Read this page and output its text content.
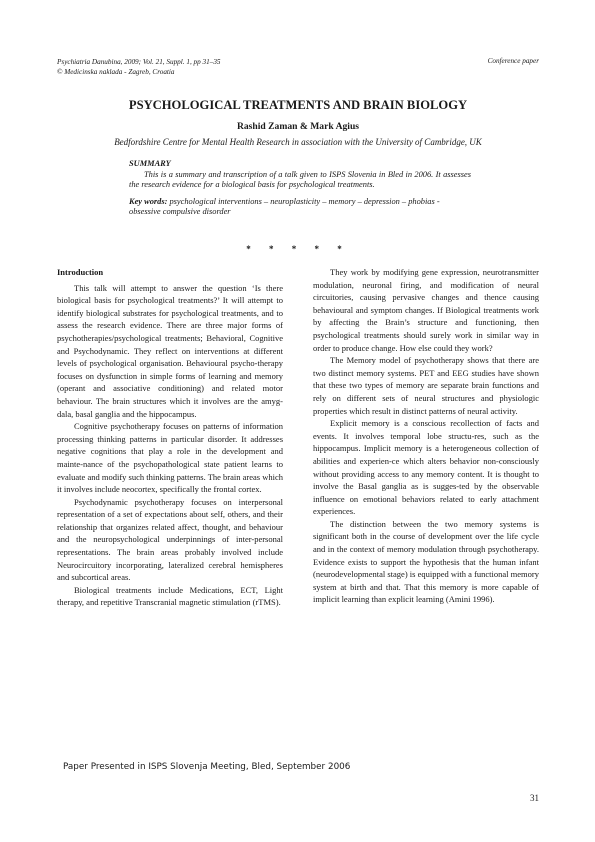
Psychiatria Danubina, 2009; Vol. 21, Suppl. 1, pp 31–35
© Medicinska naklada - Zagreb, Croatia
Conference paper
PSYCHOLOGICAL TREATMENTS AND BRAIN BIOLOGY
Rashid Zaman & Mark Agius
Bedfordshire Centre for Mental Health Research in association with the University of Cambridge, UK
SUMMARY

This is a summary and transcription of a talk given to ISPS Slovenia in Bled in 2006. It assesses the research evidence for a biological basis for psychological treatments.

Key words: psychological interventions – neuroplasticity – memory – depression – phobias - obsessive compulsive disorder

* * * * *
Introduction

This talk will attempt to answer the question ‘Is there biological basis for psychological treatments?’ It will attempt to identify biological substrates for psychological treatments, and to assess the research evidence. There are three major forms of psychotherapies/psychological treatments; Behavioral, Cognitive and Psychodynamic. They reflect on interventions at different levels of psychological organisation. Behavioural psycho-therapy focuses on dysfunction in simple forms of learning and memory (operant and associative conditioning) and related motor behaviour. The brain structures which it involves are the amyg-dala, basal ganglia and the hippocampus.

Cognitive psychotherapy focuses on patterns of information processing thinking patterns in particular disorder. It addresses negative cognitions that play a role in the development and mainte-nance of the psychopathological state patient learns to evaluate and modify such thinking patterns. The brain areas which it involves include neocortex, specifically the frontal cortex.

Psychodynamic psychotherapy focuses on interpersonal representation of a set of expectations about self, others, and their relationship that organizes related affect, thought, and behaviour and the neuropsychological underpinnings of inter-personal representations. The brain areas probably involved include Neurocircuitory incorporating, lateralized cerebral hemispheres and subcortical areas.

Biological treatments include Medications, ECT, Light therapy, and repetitive Transcranial magnetic stimulation (rTMS).

They work by modifying gene expression, neurotransmitter modulation, neuronal firing, and modification of neural circuitories, causing pervasive changes and thence causing behavioural and symptom changes. If Biological treatments work by affecting the Brain’s structure and functioning, then psychological treatments should surely work in similar way in order to produce change. How else could they work?

The Memory model of psychotherapy shows that there are two distinct memory systems. PET and EEG studies have shown that these two types of memory are separate brain functions and rely on different sets of neural structures and physiologic properties which result in distinct patterns of neural activity.

Explicit memory is a conscious recollection of facts and events. It involves temporal lobe structu-res, such as the hippocampus. Implicit memory is a heterogeneous collection of abilities and experien-ce which alters behavior non-consciously without providing access to any memory content. It is thought to involve the Basal ganglia as is sugges-ted by the observable influence on emotional behaviors related to early attachment experiences.

The distinction between the two memory systems is significant both in the course of development over the life cycle and in the context of memory modulation through psychotherapy. Evidence exists to support the hypothesis that the human infant (neurodevelopmental stage) is equipped with a functional memory system at birth and that. That this memory is more capable of implicit learning than explicit learning (Amini 1996).

Paper Presented in ISPS Slovenja Meeting, Bled, September 2006
31
